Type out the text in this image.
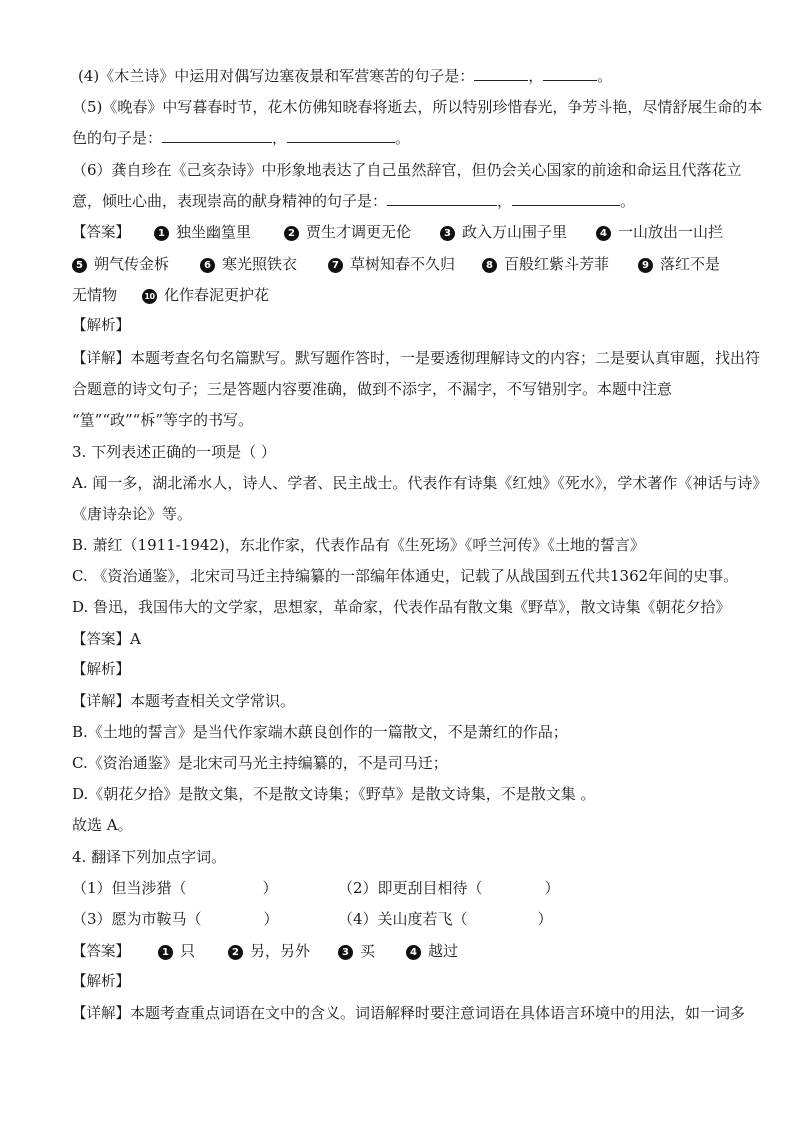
(4)《木兰诗》中运用对偶写边塞夜景和军营寒苦的句子是：	，	。
（5)《晚春》中写暮春时节，花木仿佛知晓春将逝去，所以特别珍惜春光，争芳斗艳，尽情舒展生命的本
色的句子是：	，	。
（6）龚自珍在《己亥杂诗》中形象地表达了自己虽然辞官，但仍会关心国家的前途和命运且代落花立
意，倾吐心曲，表现崇高的献身精神的句子是：	，	。
【答案】	1 独坐幽篁里	2 贾生才调更无伦	3 政入万山围子里	4 一山放出一山拦
5 朔气传金柝	6 寒光照铁衣	7 草树知春不久归	8 百般红紫斗芳菲	9 落红不是
无情物	10 化作春泥更护花
【解析】
【详解】本题考查名句名篇默写。默写题作答时，一是要透彻理解诗文的内容；二是要认真审题，找出符
合题意的诗文句子；三是答题内容要准确，做到不添字，不漏字，不写错别字。本题中注意
“篁”“政”“柝”等字的书写。
3. 下列表述正确的一项是（ ）
A. 闻一多，湖北浠水人，诗人、学者、民主战士。代表作有诗集《红烛》《死水》，学术著作《神话与诗》
《唐诗杂论》等。
B. 萧红（1911-1942)，东北作家，代表作品有《生死场》《呼兰河传》《土地的誓言》
C. 《资治通鉴》，北宋司马迁主持编纂的一部编年体通史，记载了从战国到五代共1362年间的史事。
D. 鲁迅，我国伟大的文学家，思想家，革命家，代表作品有散文集《野草》，散文诗集《朝花夕拾》
【答案】A
【解析】
【详解】本题考查相关文学常识。
B.《土地的誓言》是当代作家端木蕻良创作的一篇散文，不是萧红的作品；
C.《资治通鉴》是北宋司马光主持编纂的，不是司马迁；
D.《朝花夕拾》是散文集，不是散文诗集；《野草》是散文诗集，不是散文集 。
故选 A。
4. 翻译下列加点字词。
（1）但当涉猎（	）	（2）即更刮目相待（	）
（3）愿为市鞍马（	）	（4）关山度若飞（	）
【答案】	1 只	2 另，另外	3 买	4 越过
【解析】
【详解】本题考查重点词语在文中的含义。词语解释时要注意词语在具体语言环境中的用法，如一词多
